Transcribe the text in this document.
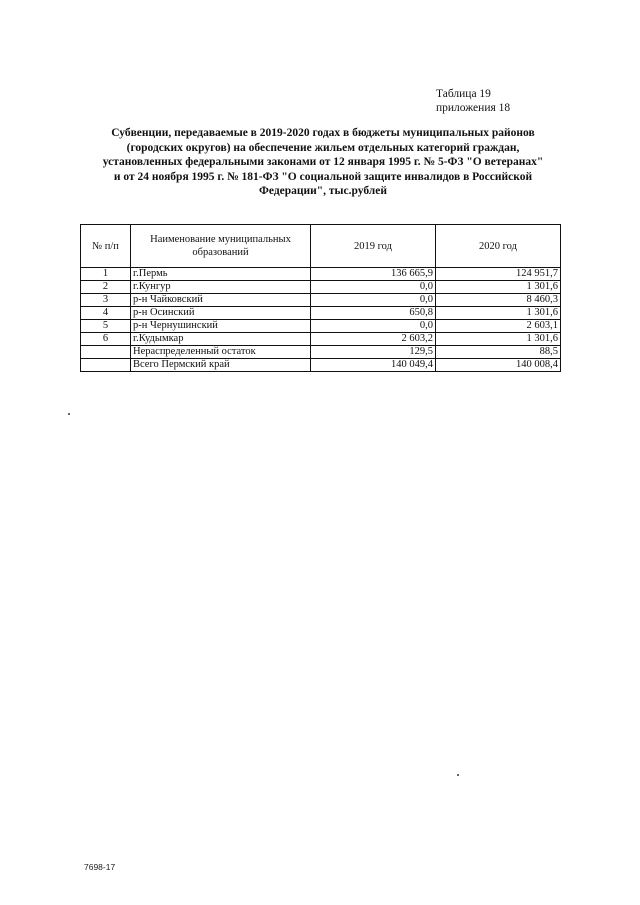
Таблица 19
приложения 18
Субвенции, передаваемые в 2019-2020 годах в бюджеты муниципальных районов
(городских округов) на обеспечение жильем отдельных категорий граждан,
установленных федеральными законами от 12 января 1995 г. № 5-ФЗ "О ветеранах"
и от 24 ноября 1995 г. № 181-ФЗ "О социальной защите инвалидов в Российской
Федерации", тыс.рублей
№ п/п	Наименование муниципальных образований	2019 год	2020 год
1	г.Пермь	136 665,9	124 951,7
2	г.Кунгур	0,0	1 301,6
3	р-н Чайковский	0,0	8 460,3
4	р-н Осинский	650,8	1 301,6
5	р-н Чернушинский	0,0	2 603,1
6	г.Кудымкар	2 603,2	1 301,6
	Нераспределенный остаток	129,5	88,5
	Всего Пермский край	140 049,4	140 008,4
7698-17
